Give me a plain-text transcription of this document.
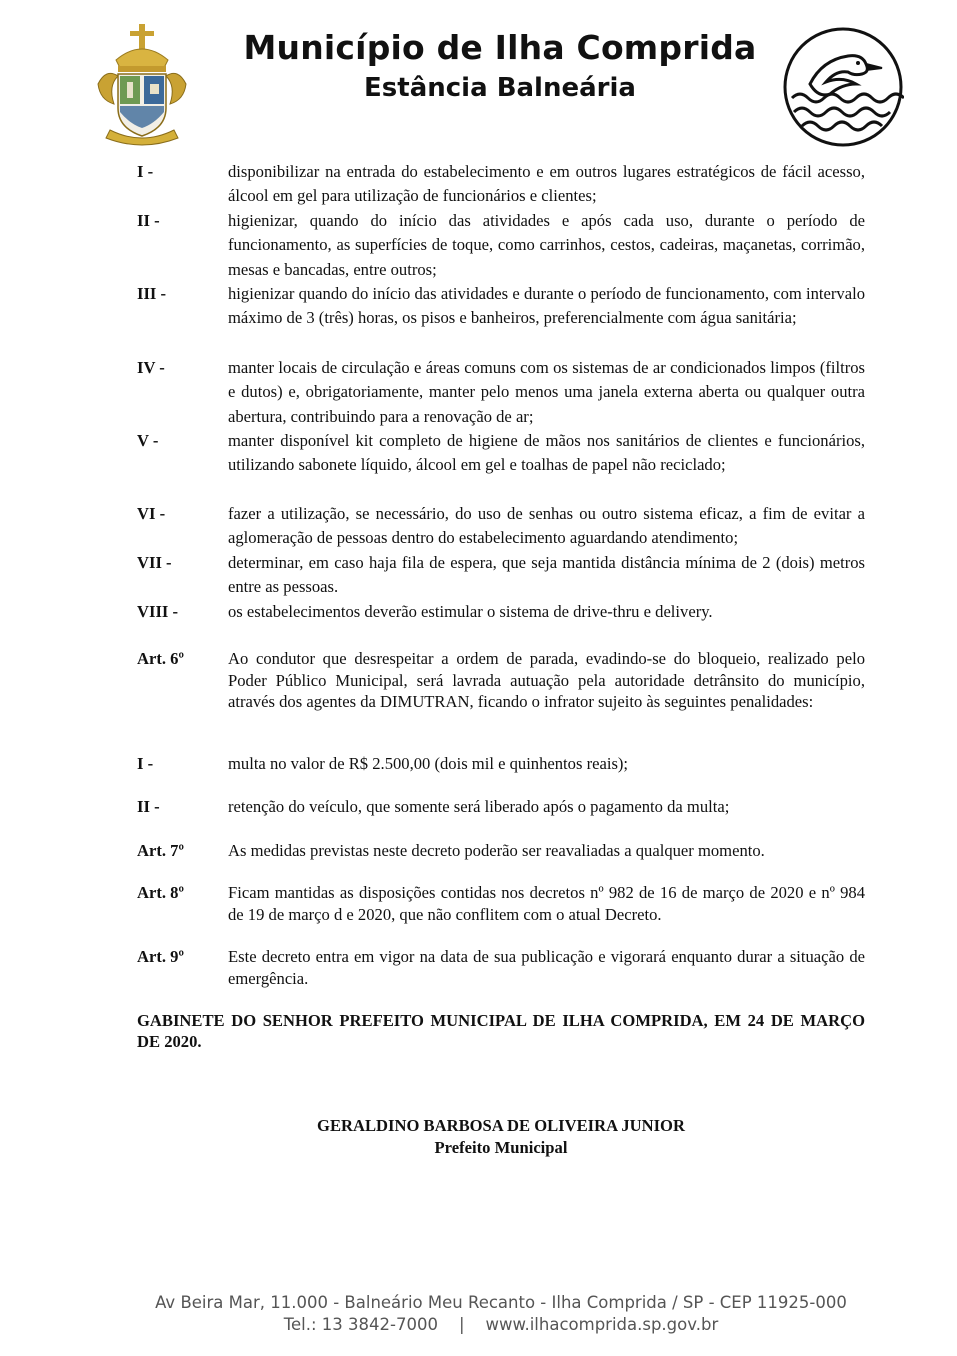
Município de Ilha Comprida
Estância Balneária
I -	disponibilizar na entrada do estabelecimento e em outros lugares estratégicos de fácil acesso, álcool em gel para utilização de funcionários e clientes;
II -	higienizar, quando do início das atividades e após cada uso, durante o período de funcionamento, as superfícies de toque, como carrinhos, cestos, cadeiras, maçanetas, corrimão, mesas e bancadas, entre outros;
III -	higienizar quando do início das atividades e durante o período de funcionamento, com intervalo máximo de 3 (três) horas, os pisos e banheiros, preferencialmente com água sanitária;
IV -	manter locais de circulação e áreas comuns com os sistemas de ar condicionados limpos (filtros e dutos) e, obrigatoriamente, manter pelo menos uma janela externa aberta ou qualquer outra abertura, contribuindo para a renovação de ar;
V -	manter disponível kit completo de higiene de mãos nos sanitários de clientes e funcionários, utilizando sabonete líquido, álcool em gel e toalhas de papel não reciclado;
VI -	fazer a utilização, se necessário, do uso de senhas ou outro sistema eficaz, a fim de evitar a aglomeração de pessoas dentro do estabelecimento aguardando atendimento;
VII -	determinar, em caso haja fila de espera, que seja mantida distância mínima de 2 (dois) metros entre as pessoas.
VIII -	os estabelecimentos deverão estimular o sistema de drive-thru e delivery.
Art. 6º	Ao condutor que desrespeitar a ordem de parada, evadindo-se do bloqueio, realizado pelo Poder Público Municipal, será lavrada autuação pela autoridade detrânsito do município, através dos agentes da DIMUTRAN, ficando o infrator sujeito às seguintes penalidades:
I -	multa no valor de R$ 2.500,00 (dois mil e quinhentos reais);
II -	retenção do veículo, que somente será liberado após o pagamento da multa;
Art. 7º	As medidas previstas neste decreto poderão ser reavaliadas a qualquer momento.
Art. 8º	Ficam mantidas as disposições contidas nos decretos nº 982 de 16 de março de 2020 e nº 984 de 19 de marçо d e 2020, que não conflitem com o atual Decreto.
Art. 9º	Este decreto entra em vigor na data de sua publicação e vigorará enquanto durar a situação de emergência.
GABINETE DO SENHOR PREFEITO MUNICIPAL DE ILHA COMPRIDA, EM 24 DE MARÇO DE 2020.
GERALDINO BARBOSA DE OLIVEIRA JUNIOR
Prefeito Municipal
Av Beira Mar, 11.000 - Balneário Meu Recanto - Ilha Comprida / SP - CEP 11925-000
Tel.: 13 3842-7000    |    www.ilhacomprida.sp.gov.br
